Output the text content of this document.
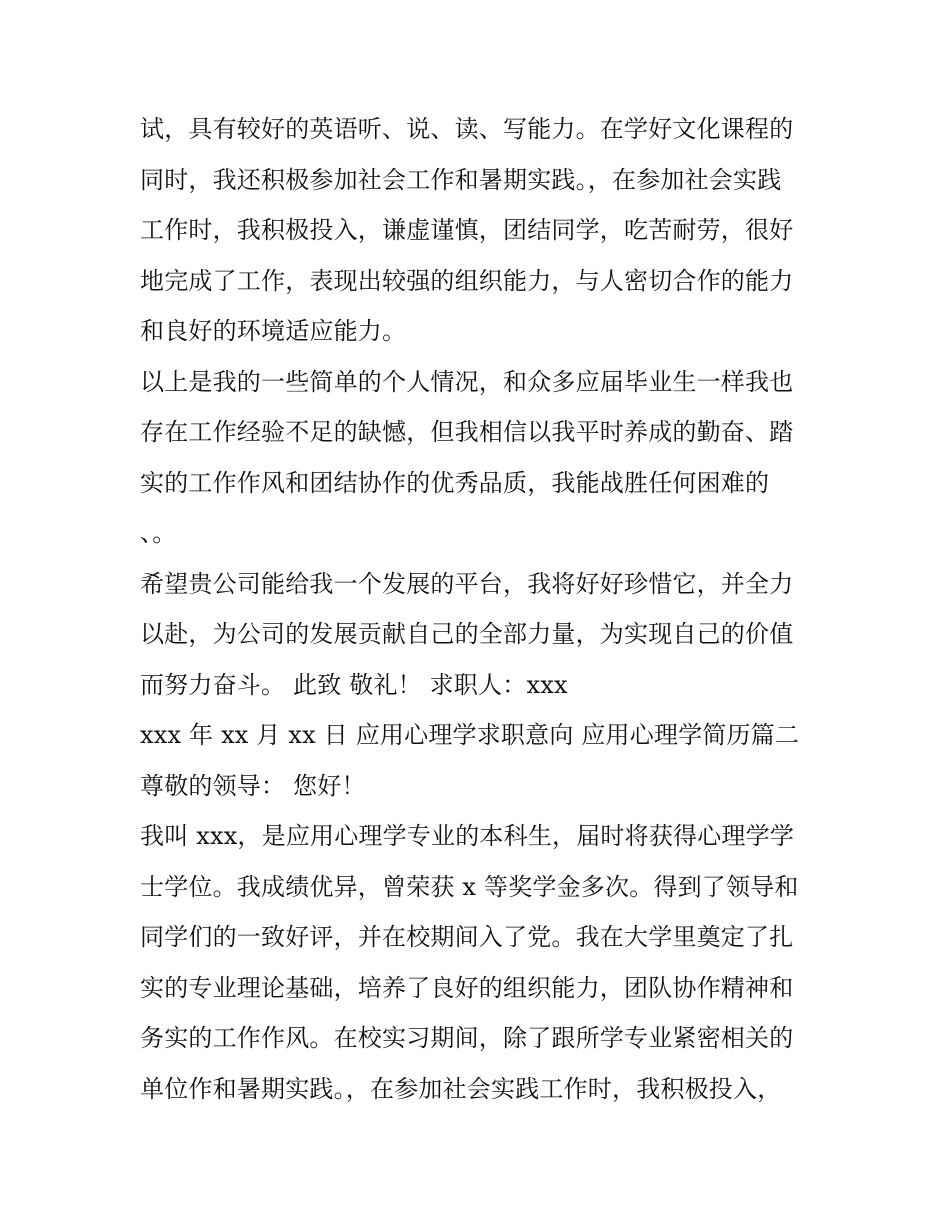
试，具有较好的英语听、说、读、写能力。在学好文化课程的
同时，我还积极参加社会工作和暑期实践。，在参加社会实践
工作时，我积极投入，谦虚谨慎，团结同学，吃苦耐劳，很好
地完成了工作，表现出较强的组织能力，与人密切合作的能力
和良好的环境适应能力。
以上是我的一些简单的个人情况，和众多应届毕业生一样我也
存在工作经验不足的缺憾，但我相信以我平时养成的勤奋、踏
实的工作作风和团结协作的优秀品质，我能战胜任何困难的
、。
希望贵公司能给我一个发展的平台，我将好好珍惜它，并全力
以赴，为公司的发展贡献自己的全部力量，为实现自己的价值
而努力奋斗。 此致 敬礼！ 求职人：xxx
xxx 年 xx 月 xx 日 应用心理学求职意向 应用心理学简历篇二
尊敬的领导： 您好！
我叫 xxx，是应用心理学专业的本科生，届时将获得心理学学
士学位。我成绩优异，曾荣获 x 等奖学金多次。得到了领导和
同学们的一致好评，并在校期间入了党。我在大学里奠定了扎
实的专业理论基础，培养了良好的组织能力，团队协作精神和
务实的工作作风。在校实习期间，除了跟所学专业紧密相关的
单位作和暑期实践。，在参加社会实践工作时，我积极投入，
